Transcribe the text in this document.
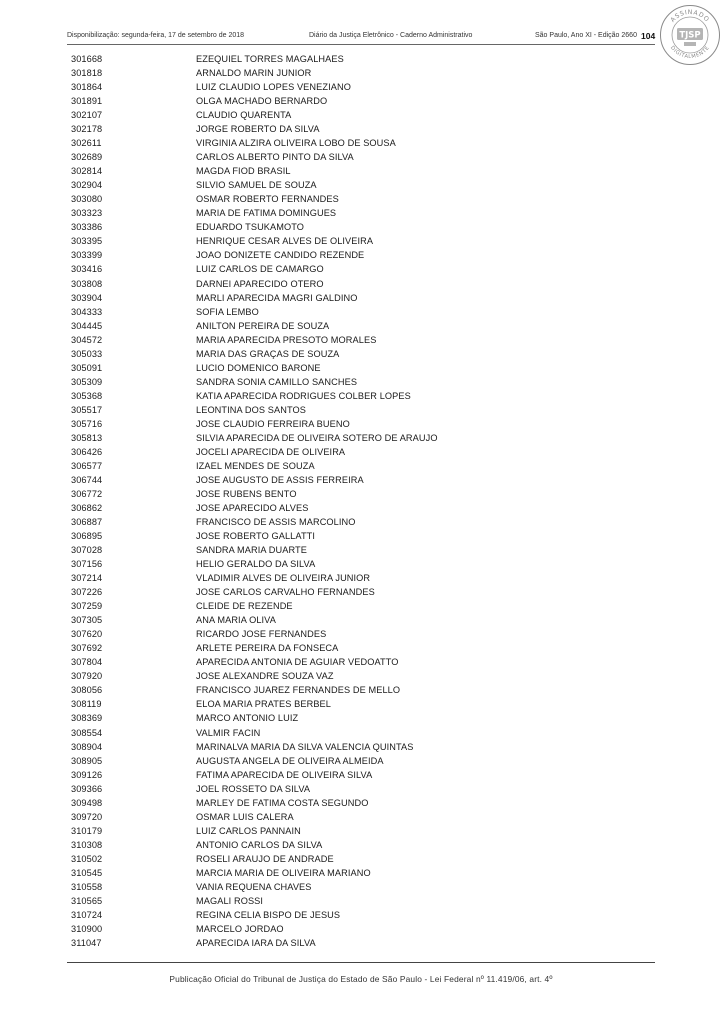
Disponibilização: segunda-feira, 17 de setembro de 2018	Diário da Justiça Eletrônico - Caderno Administrativo	São Paulo, Ano XI - Edição 2660 104
ASSINADO
DIGITALMENTE
TJSP
301668	EZEQUIEL TORRES MAGALHAES
301818	ARNALDO MARIN JUNIOR
301864	LUIZ CLAUDIO LOPES VENEZIANO
301891	OLGA MACHADO BERNARDO
302107	CLAUDIO QUARENTA
302178	JORGE ROBERTO DA SILVA
302611	VIRGINIA ALZIRA OLIVEIRA LOBO DE SOUSA
302689	CARLOS ALBERTO PINTO DA SILVA
302814	MAGDA FIOD BRASIL
302904	SILVIO SAMUEL DE SOUZA
303080	OSMAR ROBERTO FERNANDES
303323	MARIA DE FATIMA DOMINGUES
303386	EDUARDO TSUKAMOTO
303395	HENRIQUE CESAR ALVES DE OLIVEIRA
303399	JOAO DONIZETE CANDIDO REZENDE
303416	LUIZ CARLOS DE CAMARGO
303808	DARNEI APARECIDO OTERO
303904	MARLI APARECIDA MAGRI GALDINO
304333	SOFIA LEMBO
304445	ANILTON PEREIRA DE SOUZA
304572	MARIA APARECIDA PRESOTO MORALES
305033	MARIA DAS GRAÇAS DE SOUZA
305091	LUCIO DOMENICO BARONE
305309	SANDRA SONIA CAMILLO SANCHES
305368	KATIA APARECIDA RODRIGUES COLBER LOPES
305517	LEONTINA DOS SANTOS
305716	JOSE CLAUDIO FERREIRA BUENO
305813	SILVIA APARECIDA DE OLIVEIRA SOTERO DE ARAUJO
306426	JOCELI APARECIDA DE OLIVEIRA
306577	IZAEL MENDES DE SOUZA
306744	JOSE AUGUSTO DE ASSIS FERREIRA
306772	JOSE RUBENS BENTO
306862	JOSE APARECIDO ALVES
306887	FRANCISCO DE ASSIS MARCOLINO
306895	JOSE ROBERTO GALLATTI
307028	SANDRA MARIA DUARTE
307156	HELIO GERALDO DA SILVA
307214	VLADIMIR ALVES DE OLIVEIRA JUNIOR
307226	JOSE CARLOS CARVALHO FERNANDES
307259	CLEIDE DE REZENDE
307305	ANA MARIA OLIVA
307620	RICARDO JOSE FERNANDES
307692	ARLETE PEREIRA DA FONSECA
307804	APARECIDA ANTONIA DE AGUIAR VEDOATTO
307920	JOSE ALEXANDRE SOUZA VAZ
308056	FRANCISCO JUAREZ FERNANDES DE MELLO
308119	ELOA MARIA PRATES BERBEL
308369	MARCO ANTONIO LUIZ
308554	VALMIR FACIN
308904	MARINALVA MARIA DA SILVA VALENCIA QUINTAS
308905	AUGUSTA ANGELA DE OLIVEIRA ALMEIDA
309126	FATIMA APARECIDA DE OLIVEIRA SILVA
309366	JOEL ROSSETO DA SILVA
309498	MARLEY DE FATIMA COSTA SEGUNDO
309720	OSMAR LUIS CALERA
310179	LUIZ CARLOS PANNAIN
310308	ANTONIO CARLOS DA SILVA
310502	ROSELI ARAUJO DE ANDRADE
310545	MARCIA MARIA DE OLIVEIRA MARIANO
310558	VANIA REQUENA CHAVES
310565	MAGALI ROSSI
310724	REGINA CELIA BISPO DE JESUS
310900	MARCELO JORDAO
311047	APARECIDA IARA DA SILVA
Publicação Oficial do Tribunal de Justiça do Estado de São Paulo - Lei Federal nº 11.419/06, art. 4º
